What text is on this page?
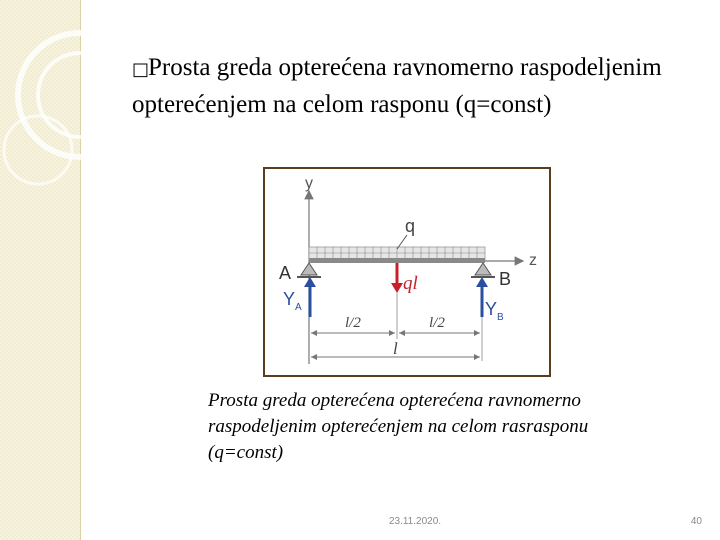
□Prosta greda opterećena ravnomerno raspodeljenim opterećenjem na celom rasponu (q=const)
y
z
q
A	B
$Y_A$	$Y_B$
ql
l/2	l/2
l
Prosta greda opterećena opterećena ravnomerno raspodeljenim opterećenjem na celom rasrasponu (q=const)
23.11.2020.	40
